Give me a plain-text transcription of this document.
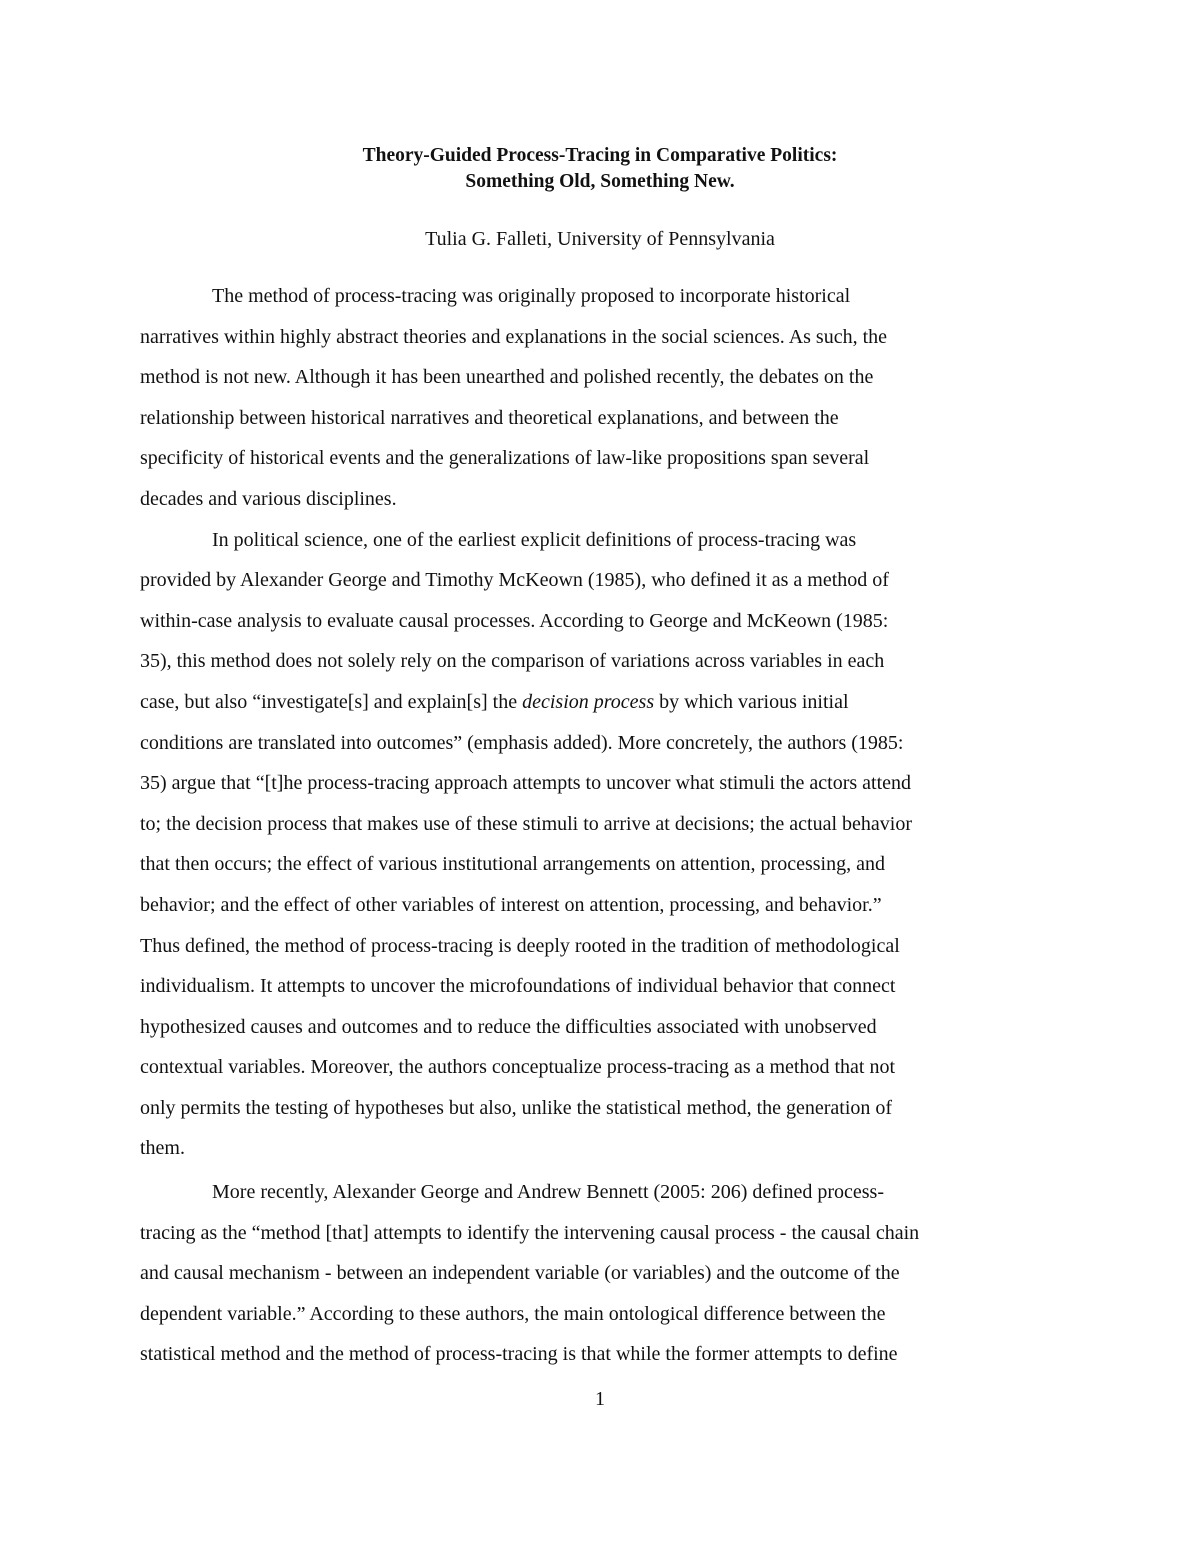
Theory-Guided Process-Tracing in Comparative Politics:
Something Old, Something New.
Tulia G. Falleti, University of Pennsylvania
The method of process-tracing was originally proposed to incorporate historical
narratives within highly abstract theories and explanations in the social sciences. As such, the
method is not new. Although it has been unearthed and polished recently, the debates on the
relationship between historical narratives and theoretical explanations, and between the
specificity of historical events and the generalizations of law-like propositions span several
decades and various disciplines.
In political science, one of the earliest explicit definitions of process-tracing was
provided by Alexander George and Timothy McKeown (1985), who defined it as a method of
within-case analysis to evaluate causal processes. According to George and McKeown (1985:
35), this method does not solely rely on the comparison of variations across variables in each
case, but also “investigate[s] and explain[s] the decision process by which various initial
conditions are translated into outcomes” (emphasis added). More concretely, the authors (1985:
35) argue that “[t]he process-tracing approach attempts to uncover what stimuli the actors attend
to; the decision process that makes use of these stimuli to arrive at decisions; the actual behavior
that then occurs; the effect of various institutional arrangements on attention, processing, and
behavior; and the effect of other variables of interest on attention, processing, and behavior.”
Thus defined, the method of process-tracing is deeply rooted in the tradition of methodological
individualism. It attempts to uncover the microfoundations of individual behavior that connect
hypothesized causes and outcomes and to reduce the difficulties associated with unobserved
contextual variables. Moreover, the authors conceptualize process-tracing as a method that not
only permits the testing of hypotheses but also, unlike the statistical method, the generation of
them.
More recently, Alexander George and Andrew Bennett (2005: 206) defined process-
tracing as the “method [that] attempts to identify the intervening causal process - the causal chain
and causal mechanism - between an independent variable (or variables) and the outcome of the
dependent variable.” According to these authors, the main ontological difference between the
statistical method and the method of process-tracing is that while the former attempts to define
1
